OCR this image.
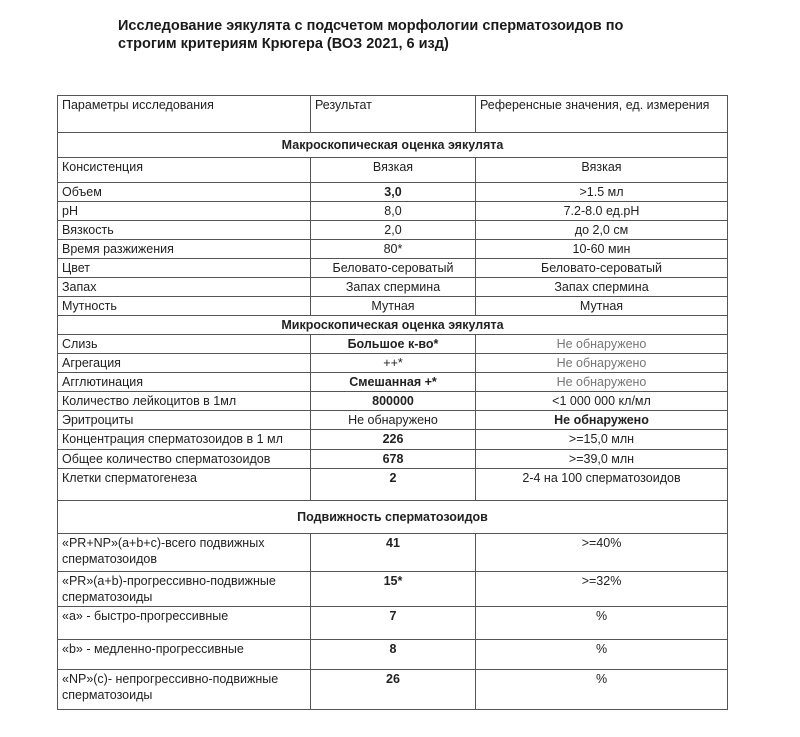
Исследование эякулята с подсчетом морфологии сперматозоидов по строгим критериям Крюгера (ВОЗ 2021, 6 изд)
Параметры исследования	Результат	Референсные значения, ед. измерения
Макроскопическая оценка эякулята		
Консистенция	Вязкая	Вязкая
Объем	3,0	>1.5 мл
pH	8,0	7.2-8.0 ед.pH
Вязкость	2,0	до 2,0 см
Время разжижения	80*	10-60 мин
Цвет	Беловато-сероватый	Беловато-сероватый
Запах	Запах спермина	Запах спермина
Мутность	Мутная	Мутная
Микроскопическая оценка эякулята		
Слизь	Большое к-во*	Не обнаружено
Агрегация	++*	Не обнаружено
Агглютинация	Смешанная +*	Не обнаружено
Количество лейкоцитов в 1мл	800000	<1 000 000 кл/мл
Эритроциты	Не обнаружено	Не обнаружено
Концентрация сперматозоидов в 1 мл	226	>=15,0 млн
Общее количество сперматозоидов	678	>=39,0 млн
Клетки сперматогенеза	2	2-4 на 100 сперматозоидов
Подвижность сперматозоидов		
«PR+NP»(a+b+c)-всего подвижных сперматозоидов	41	>=40%
«PR»(a+b)-прогрессивно-подвижные сперматозоиды	15*	>=32%
«a» - быстро-прогрессивные	7	%
«b» - медленно-прогрессивные	8	%
«NP»(c)- непрогрессивно-подвижные сперматозоиды	26	%
